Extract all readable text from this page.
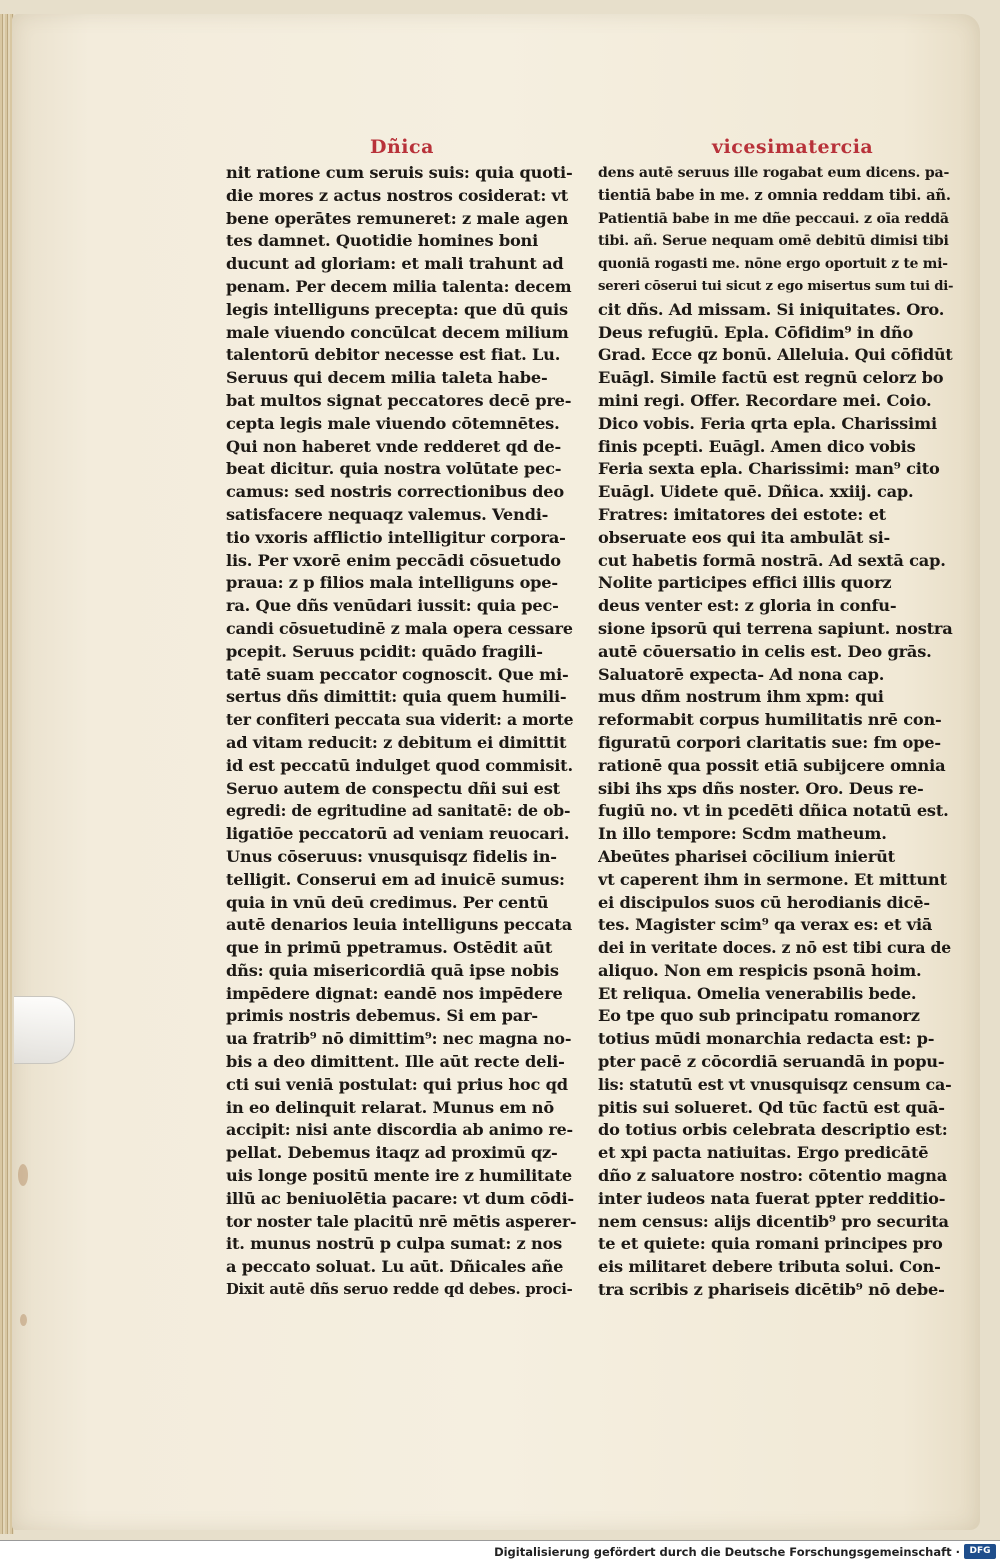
Dñica	vicesimatercia
nit ratione cum seruis suis: quia quoti-
die mores z actus nostros cosiderat: vt
bene operātes remuneret: z male agen
tes damnet. Quotidie homines boni
ducunt ad gloriam: et mali trahunt ad
penam. Per decem milia talenta: decem
legis intelliguns precepta: que dū quis
male viuendo concūlcat decem milium
talentorū debitor necesse est fiat. Lu.
Seruus qui decem milia taleta habe-
bat multos signat peccatores decē pre-
cepta legis male viuendo cōtemnētes.
Qui non haberet vnde redderet qd de-
beat dicitur. quia nostra volūtate pec-
camus: sed nostris correctionibus deo
satisfacere nequaqz valemus. Vendi-
tio vxoris afflictio intelligitur corpora-
lis. Per vxorē enim peccādi cōsuetudo
praua: z p filios mala intelliguns ope-
ra. Que dñs venūdari iussit: quia pec-
candi cōsuetudinē z mala opera cessare
pcepit. Seruus pcidit: quādo fragili-
tatē suam peccator cognoscit. Que mi-
sertus dñs dimittit: quia quem humili-
ter confiteri peccata sua viderit: a morte
ad vitam reducit: z debitum ei dimittit
id est peccatū indulget quod commisit.
Seruo autem de conspectu dñi sui est
egredi: de egritudine ad sanitatē: de ob-
ligatiōe peccatorū ad veniam reuocari.
Unus cōseruus: vnusquisqz fidelis in-
telligit. Conserui em ad inuicē sumus:
quia in vnū deū credimus. Per centū
autē denarios leuia intelliguns peccata
que in primū ppetramus. Ostēdit aūt
dñs: quia misericordiā quā ipse nobis
impēdere dignat: eandē nos impēdere
primis nostris debemus. Si em par-
ua fratrib⁹ nō dimittim⁹: nec magna no-
bis a deo dimittent. Ille aūt recte deli-
cti sui veniā postulat: qui prius hoc qd
in eo delinquit relarat. Munus em nō
accipit: nisi ante discordia ab animo re-
pellat. Debemus itaqz ad proximū qz-
uis longe positū mente ire z humilitate
illū ac beniuolētia pacare: vt dum cōdi-
tor noster tale placitū nrē mētis asperer-
it. munus nostrū p culpa sumat: z nos
a peccato soluat. Lu aūt. Dñicales añe
Dixit autē dñs seruo redde qd debes. proci-
dens autē seruus ille rogabat eum dicens. pa-
tientiā babe in me. z omnia reddam tibi. añ.
Patientiā babe in me dñe peccaui. z oīa reddā
tibi. añ. Serue nequam omē debitū dimisi tibi
quoniā rogasti me. nōne ergo oportuit z te mi-
sereri cōserui tui sicut z ego misertus sum tui di-
cit dñs. Ad missam. Si iniquitates. Oro.
Deus refugiū. Epla. Cōfidim⁹ in dño
Grad. Ecce qz bonū. Alleluia. Qui cōfidūt
Euāgl. Simile factū est regnū celorz bo
mini regi. Offer. Recordare mei. Coio.
Dico vobis. Feria qrta epla. Charissimi
finis pcepti. Euāgl. Amen dico vobis
Feria sexta epla. Charissimi: man⁹ cito
Euāgl. Uidete quē. Dñica. xxiij. cap.
Fratres: imitatores dei estote: et
obseruate eos qui ita ambulāt si-
cut habetis formā nostrā. Ad sextā cap.
Nolite participes effici illis quorz
deus venter est: z gloria in confu-
sione ipsorū qui terrena sapiunt. nostra
autē cōuersatio in celis est. Deo grās.
Saluatorē expecta- Ad nona cap.
mus dñm nostrum ihm xpm: qui
reformabit corpus humilitatis nrē con-
figuratū corpori claritatis sue: fm ope-
rationē qua possit etiā subijcere omnia
sibi ihs xps dñs noster. Oro. Deus re-
fugiū no. vt in pcedēti dñica notatū est.
In illo tempore: Scdm matheum.
Abeūtes pharisei cōcilium inierūt
vt caperent ihm in sermone. Et mittunt
ei discipulos suos cū herodianis dicē-
tes. Magister scim⁹ qa verax es: et viā
dei in veritate doces. z nō est tibi cura de
aliquo. Non em respicis psonā hoim.
Et reliqua. Omelia venerabilis bede.
Eo tpe quo sub principatu romanorz
totius mūdi monarchia redacta est: p-
pter pacē z cōcordiā seruandā in popu-
lis: statutū est vt vnusquisqz censum ca-
pitis sui solueret. Qd tūc factū est quā-
do totius orbis celebrata descriptio est:
et xpi pacta natiuitas. Ergo predicātē
dño z saluatore nostro: cōtentio magna
inter iudeos nata fuerat ppter redditio-
nem census: alijs dicentib⁹ pro securita
te et quiete: quia romani principes pro
eis militaret debere tributa solui. Con-
tra scribis z phariseis dicētib⁹ nō debe-
Digitalisierung gefördert durch die Deutsche Forschungsgemeinschaft ·	DFG
